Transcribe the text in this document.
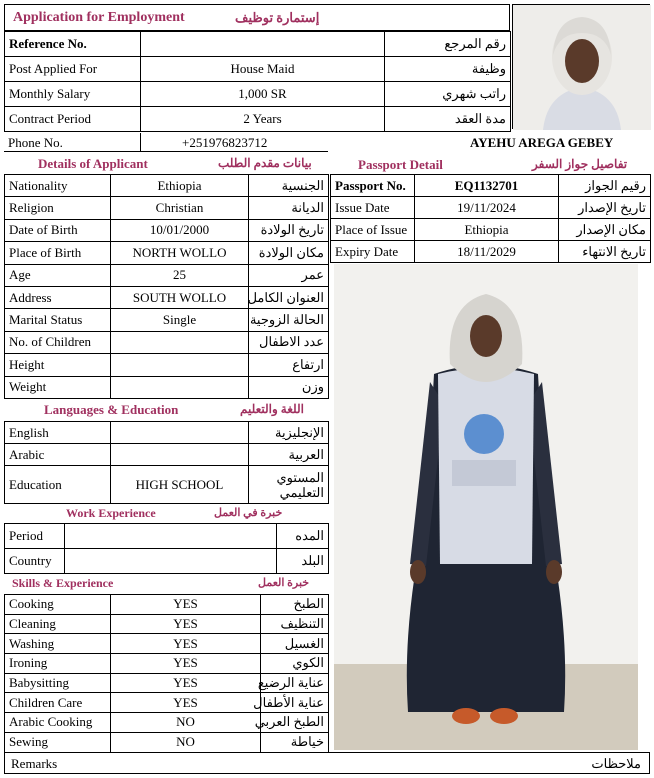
Application for Employment	إستمارة توظيف
Reference No.		رقم المرجع
Post Applied For	House Maid	وظيفة
Monthly Salary	1,000 SR	راتب شهري
Contract Period	2 Years	مدة العقد
Phone No.	+251976823712	AYEHU AREGA GEBEY
Details of Applicant	بيانات مقدم الطلب
Nationality	Ethiopia	الجنسية
Religion	Christian	الديانة
Date of Birth	10/01/2000	تاريخ الولادة
Place of Birth	NORTH WOLLO	مكان الولادة
Age	25	عمر
Address	SOUTH WOLLO	العنوان الكامل
Marital Status	Single	الحالة الزوجية
No. of Children		عدد الاطفال
Height		ارتفاع
Weight		وزن
Languages & Education	اللغة والتعليم
English		الإنجليزية
Arabic		العربية
Education	HIGH SCHOOL	المستوي التعليمي
Work Experience	خبرة في العمل
Period		المده
Country		البلد
Skills & Experience	خبرة العمل
Cooking	YES	الطبخ
Cleaning	YES	التنظيف
Washing	YES	الغسيل
Ironing	YES	الكوي
Babysitting	YES	عناية الرضيع
Children Care	YES	عناية الأطفال
Arabic Cooking	NO	الطبخ العربي
Sewing	NO	خياطة
Remarks	ملاحظات
Passport Detail	تفاصيل جواز السفر
Passport No.	EQ1132701	رقيم الجواز
Issue Date	19/11/2024	تاريخ الإصدار
Place of Issue	Ethiopia	مكان الإصدار
Expiry Date	18/11/2029	تاريخ الانتهاء
